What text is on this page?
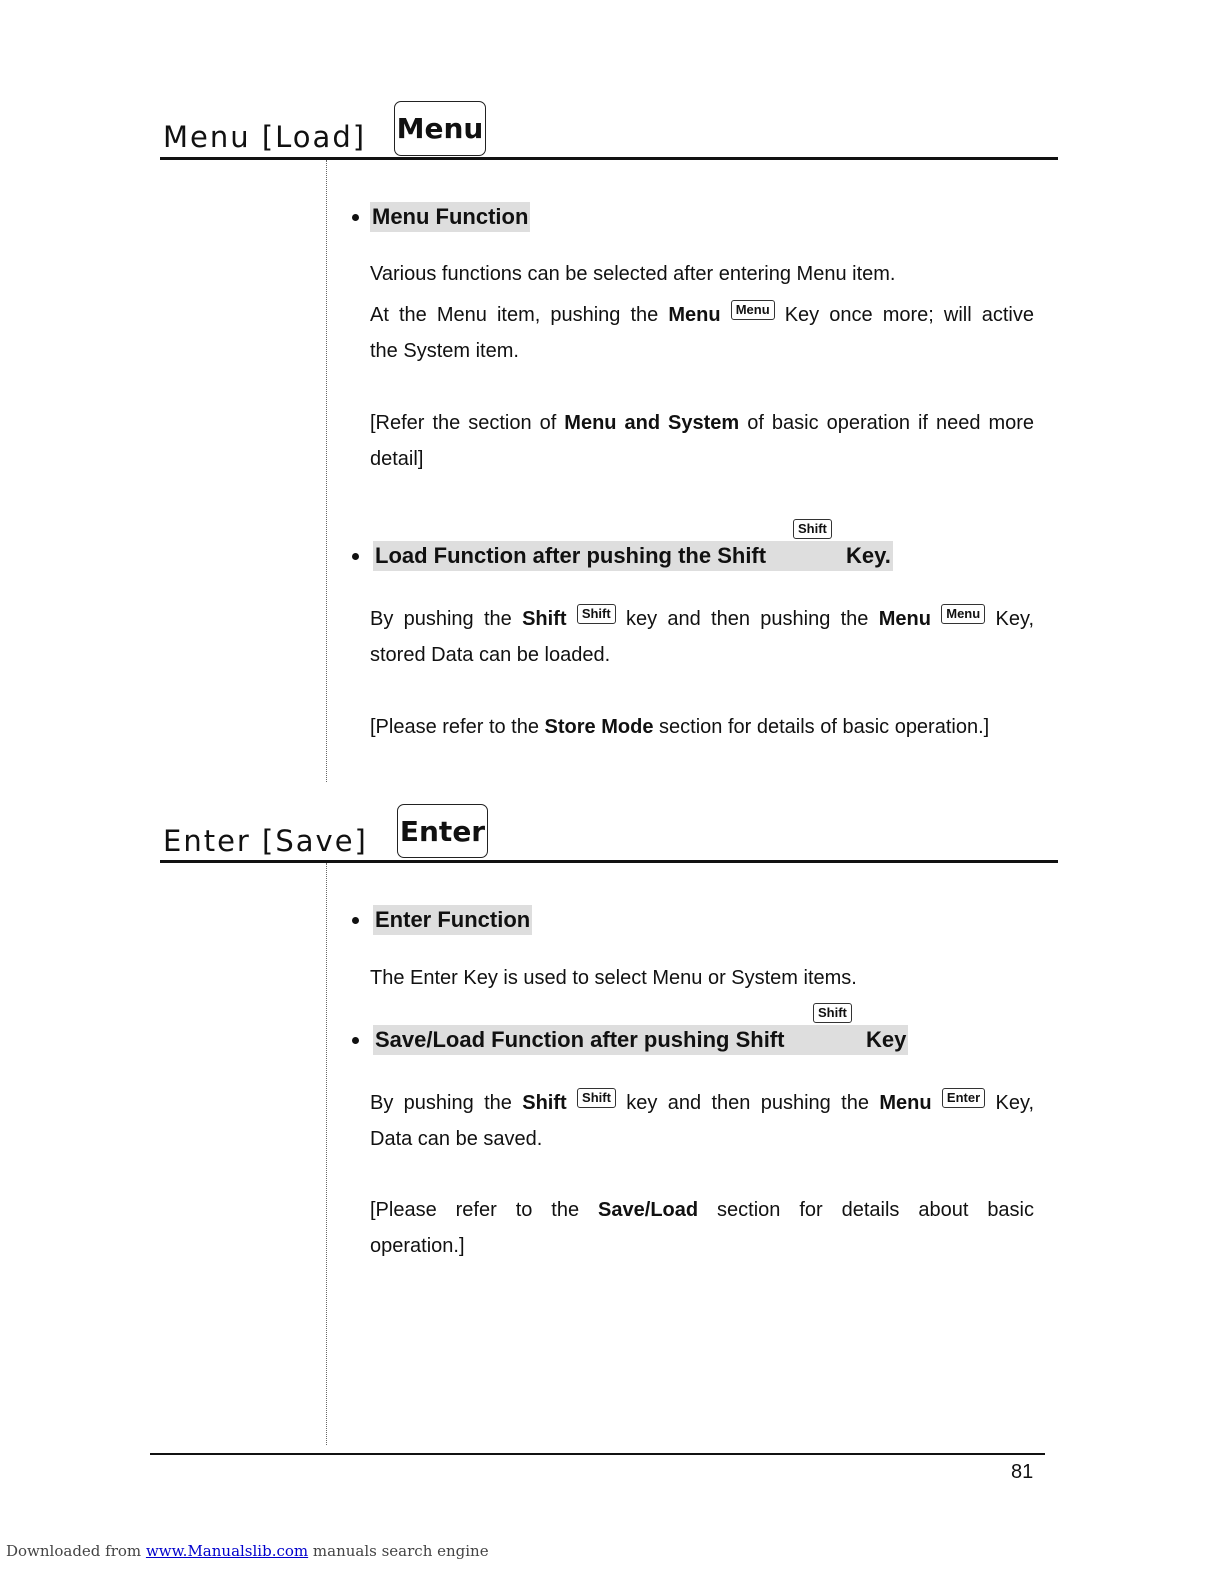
Menu [Load] Menu
Menu Function
Various functions can be selected after entering Menu item.
At the Menu item, pushing the Menu Menu Key once more; will active
the System item.
[Refer the section of Menu and System of basic operation if need more
detail]
Load Function after pushing the Shift	Key.
Shift
By pushing the Shift Shift key and then pushing the Menu Menu Key,
stored Data can be loaded.
[Please refer to the Store Mode section for details of basic operation.]
Enter [Save] Enter
Enter Function
The Enter Key is used to select Menu or System items.
Save/Load Function after pushing Shift	Key
Shift
By pushing the Shift Shift key and then pushing the Menu Enter Key,
Data can be saved.
[Please refer to the Save/Load section for details about basic
operation.]
81
Downloaded from www.Manualslib.com manuals search engine
